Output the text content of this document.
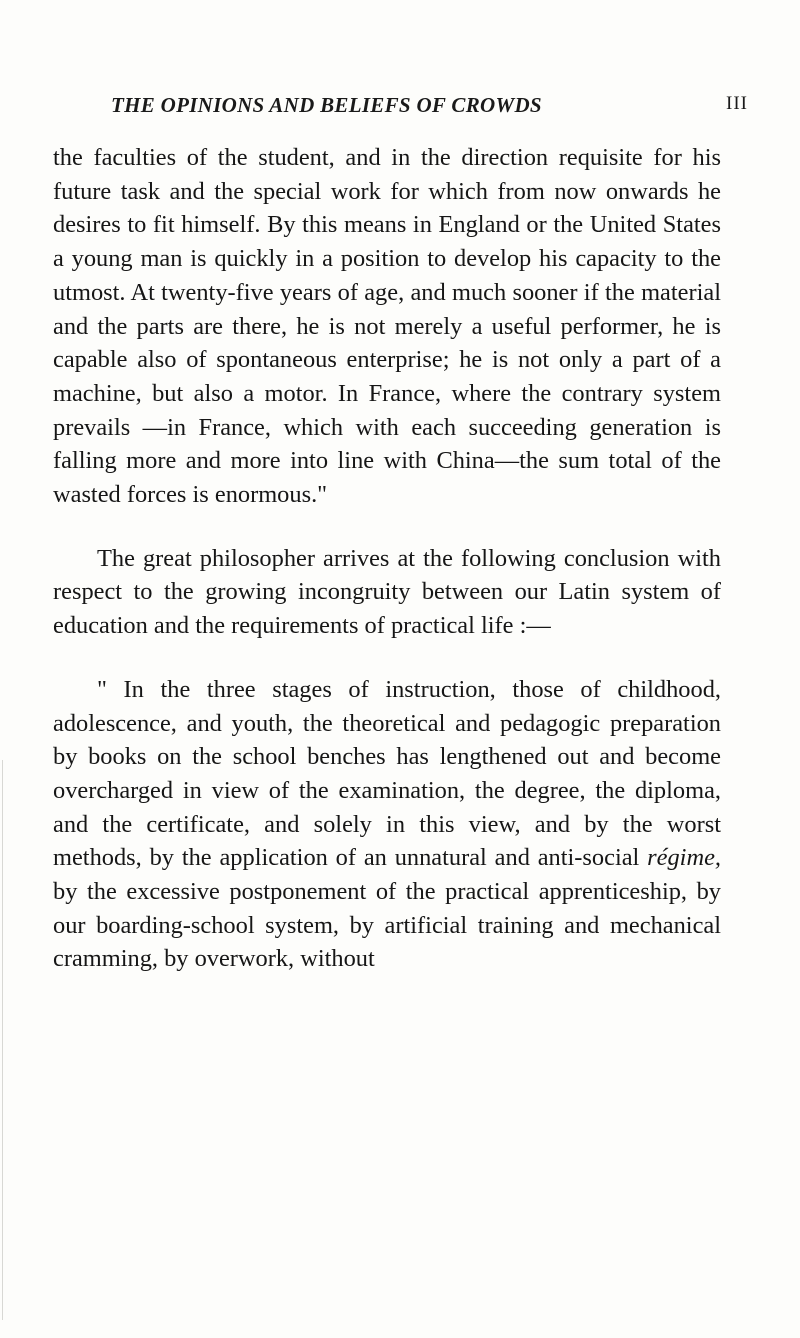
THE OPINIONS AND BELIEFS OF CROWDS	III

the faculties of the student, and in the direction requisite for his future task and the special work for which from now onwards he desires to fit himself. By this means in England or the United States a young man is quickly in a position to develop his capacity to the utmost. At twenty-five years of age, and much sooner if the material and the parts are there, he is not merely a useful performer, he is capable also of spontaneous enterprise; he is not only a part of a machine, but also a motor. In France, where the contrary system prevails —in France, which with each succeeding generation is falling more and more into line with China—the sum total of the wasted forces is enormous."

The great philosopher arrives at the following conclusion with respect to the growing incongruity between our Latin system of education and the requirements of practical life :—

" In the three stages of instruction, those of childhood, adolescence, and youth, the theoretical and pedagogic preparation by books on the school benches has lengthened out and become overcharged in view of the examination, the degree, the diploma, and the certificate, and solely in this view, and by the worst methods, by the application of an unnatural and anti-social régime, by the excessive postponement of the practical apprenticeship, by our boarding-school system, by artificial training and mechanical cramming, by overwork, without
